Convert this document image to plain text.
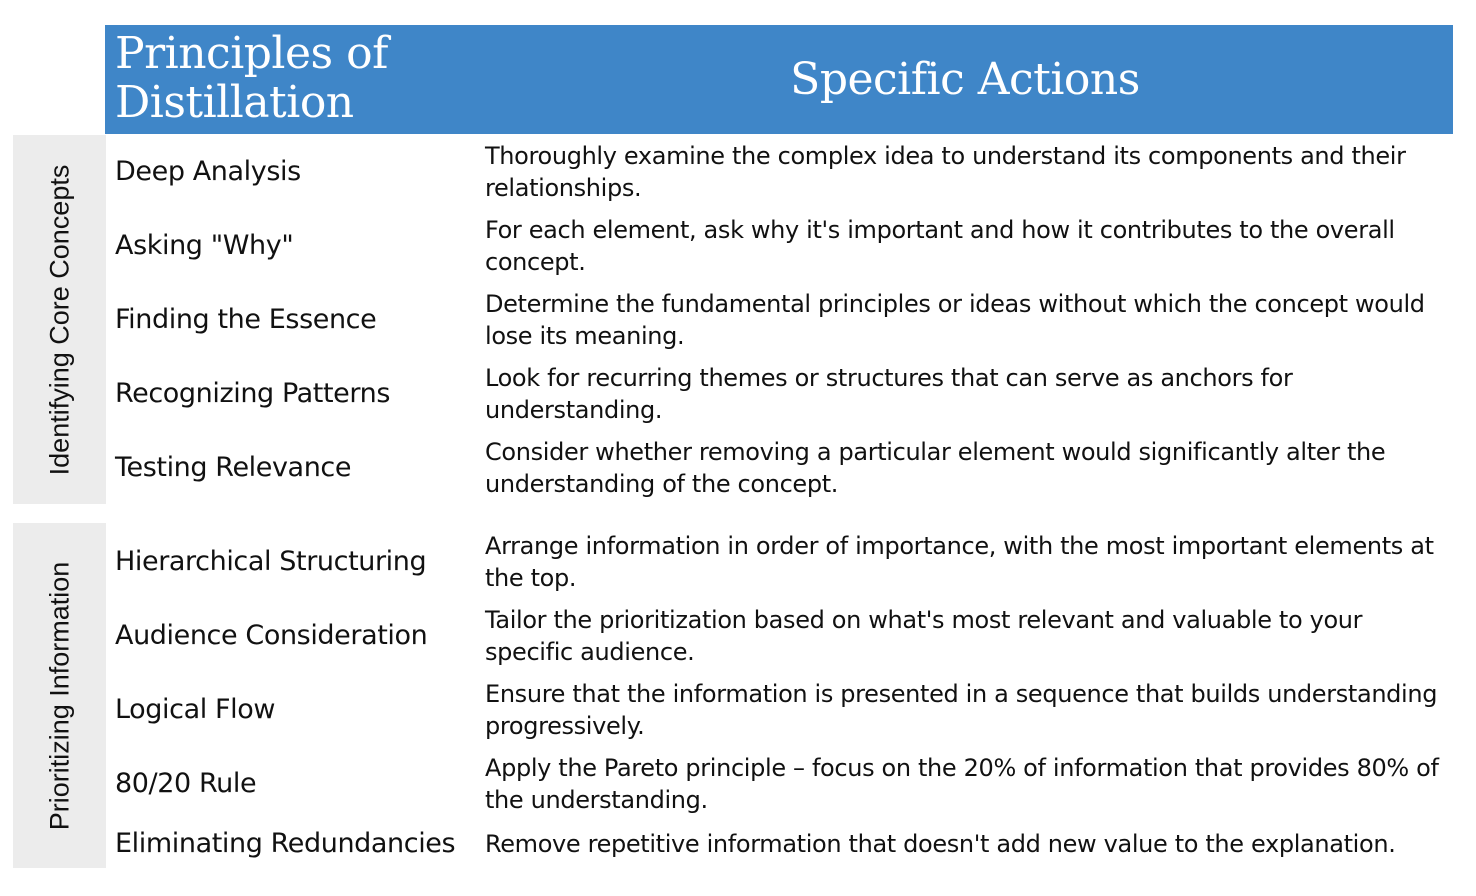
Principles of Distillation	Specific Actions
Identifying Core Concepts
Prioritizing Information
Deep Analysis	Thoroughly examine the complex idea to understand its components and their relationships.
Asking "Why"	For each element, ask why it's important and how it contributes to the overall concept.
Finding the Essence	Determine the fundamental principles or ideas without which the concept would lose its meaning.
Recognizing Patterns	Look for recurring themes or structures that can serve as anchors for understanding.
Testing Relevance	Consider whether removing a particular element would significantly alter the understanding of the concept.
Hierarchical Structuring	Arrange information in order of importance, with the most important elements at the top.
Audience Consideration	Tailor the prioritization based on what's most relevant and valuable to your specific audience.
Logical Flow	Ensure that the information is presented in a sequence that builds understanding progressively.
80/20 Rule	Apply the Pareto principle – focus on the 20% of information that provides 80% of the understanding.
Eliminating Redundancies	Remove repetitive information that doesn't add new value to the explanation.
